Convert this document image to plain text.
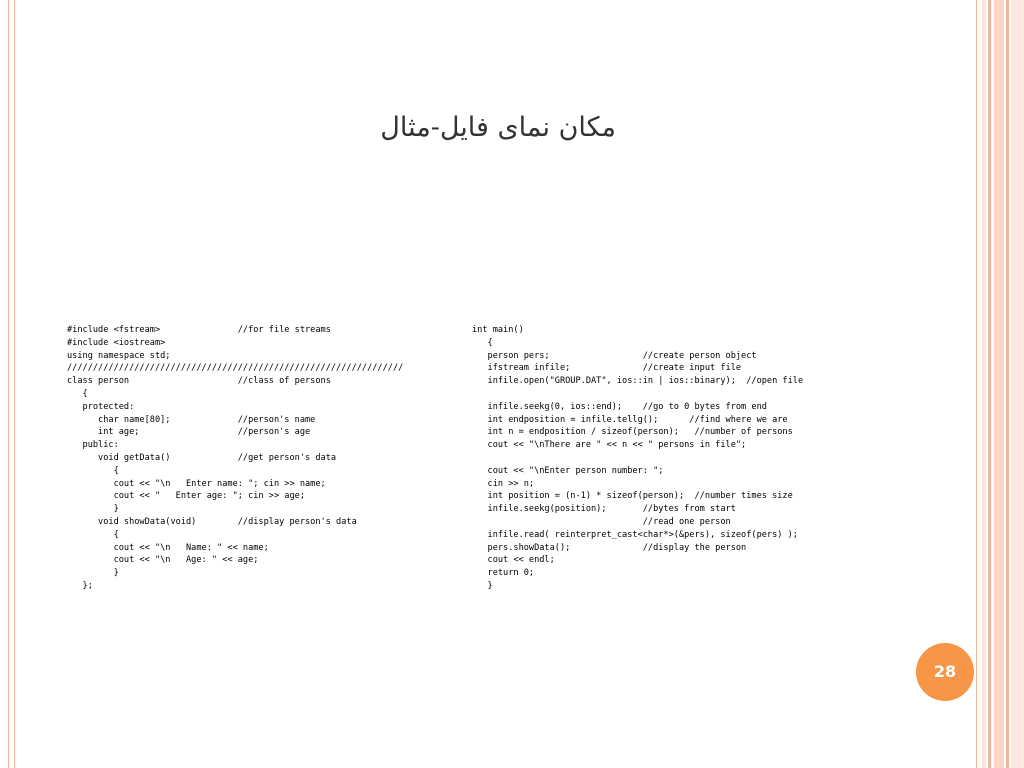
مکان نمای فایل-مثال
#include <fstream>               //for file streams
#include <iostream>
using namespace std;
/////////////////////////////////////////////////////////////////
class person                     //class of persons
{
protected:
char name[80];             //person's name
int age;                   //person's age
public:
void getData()             //get person's data
{
cout << "\n   Enter name: "; cin >> name;
cout << "   Enter age: "; cin >> age;
}
void showData(void)        //display person's data
{
cout << "\n   Name: " << name;
cout << "\n   Age: " << age;
}
};
int main()
{
person pers;                  //create person object
ifstream infile;              //create input file
infile.open("GROUP.DAT", ios::in | ios::binary);  //open file

infile.seekg(0, ios::end);    //go to 0 bytes from end
int endposition = infile.tellg();      //find where we are
int n = endposition / sizeof(person);   //number of persons
cout << "\nThere are " << n << " persons in file";

cout << "\nEnter person number: ";
cin >> n;
int position = (n-1) * sizeof(person);  //number times size
infile.seekg(position);       //bytes from start
//read one person
infile.read( reinterpret_cast<char*>(&pers), sizeof(pers) );
pers.showData();              //display the person
cout << endl;
return 0;
}
28
